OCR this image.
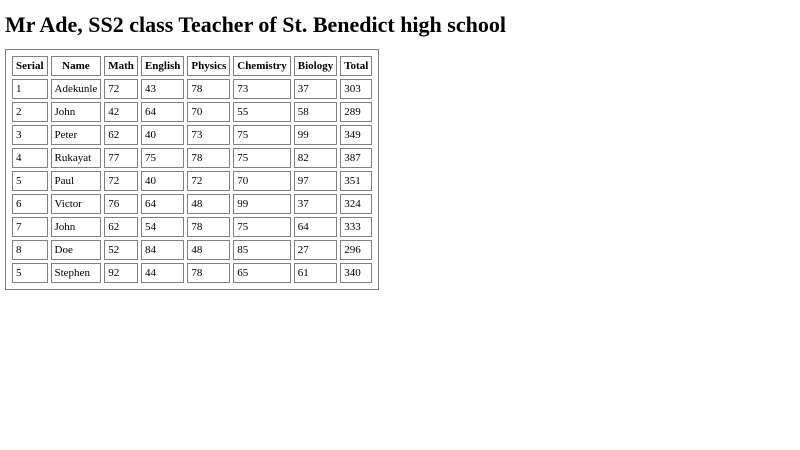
Mr Ade, SS2 class Teacher of St. Benedict high school
Serial	Name	Math	English	Physics	Chemistry	Biology	Total
1	Adekunle	72	43	78	73	37	303
2	John	42	64	70	55	58	289
3	Peter	62	40	73	75	99	349
4	Rukayat	77	75	78	75	82	387
5	Paul	72	40	72	70	97	351
6	Victor	76	64	48	99	37	324
7	John	62	54	78	75	64	333
8	Doe	52	84	48	85	27	296
5	Stephen	92	44	78	65	61	340
